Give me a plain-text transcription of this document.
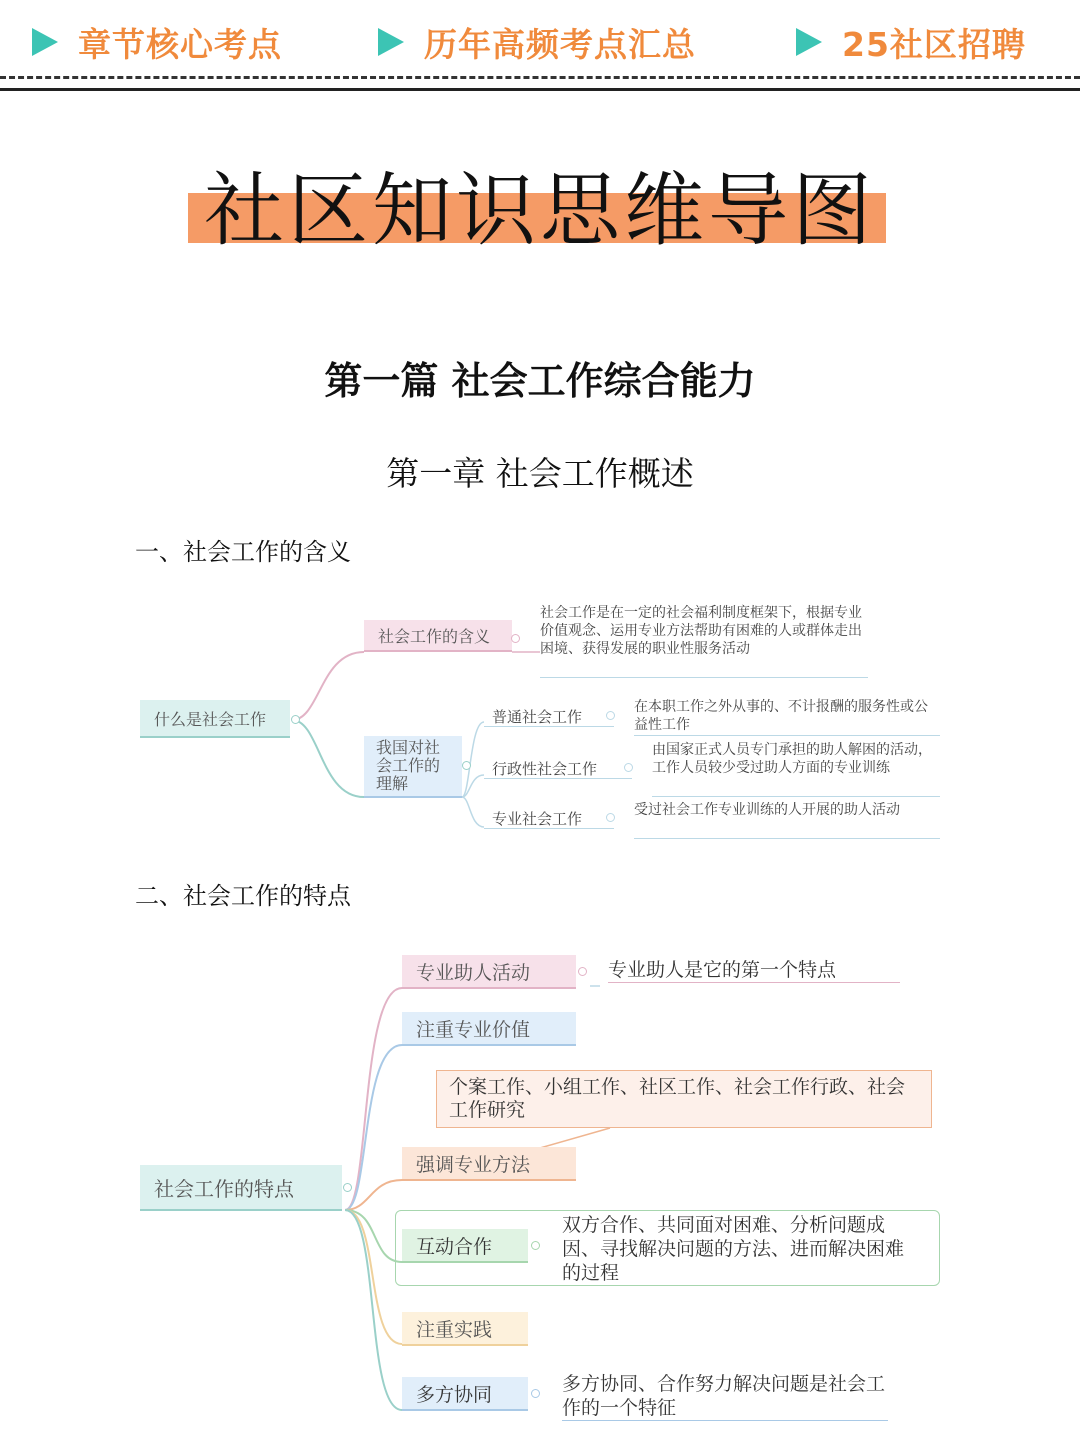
章节核心考点	历年高频考点汇总	25社区招聘
社区知识思维导图
第一篇 社会工作综合能力
第一章 社会工作概述
一、社会工作的含义
什么是社会工作
社会工作的含义
社会工作是在一定的社会福利制度框架下，根据专业价值观念、运用专业方法帮助有困难的人或群体走出困境、获得发展的职业性服务活动
我国对社会工作的理解
普通社会工作
在本职工作之外从事的、不计报酬的服务性或公益性工作
行政性社会工作
由国家正式人员专门承担的助人解困的活动，工作人员较少受过助人方面的专业训练
专业社会工作	受过社会工作专业训练的人开展的助人活动
二、社会工作的特点
社会工作的特点
专业助人活动	专业助人是它的第一个特点
注重专业价值
个案工作、小组工作、社区工作、社会工作行政、社会工作研究
强调专业方法
互动合作
双方合作、共同面对困难、分析问题成因、寻找解决问题的方法、进而解决困难的过程
注重实践
多方协同	多方协同、合作努力解决问题是社会工作的一个特征
